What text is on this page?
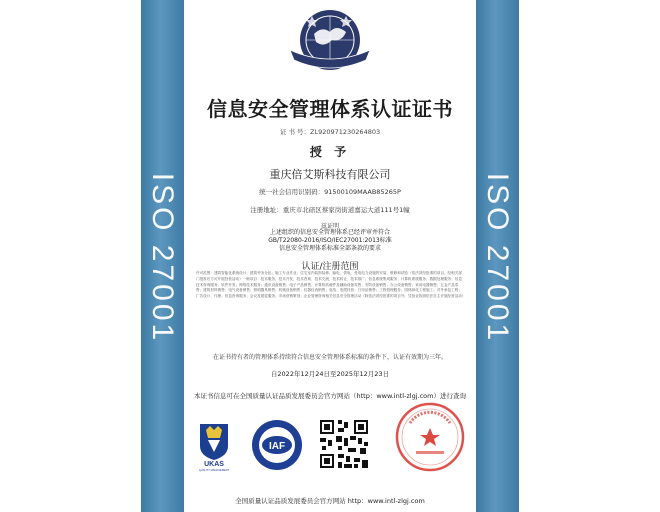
ISO 27001	ISO 27001
信息安全管理体系认证证书
证 书 号：ZL920971230264803
授 予
重庆倍艾斯科技有限公司
统一社会信用识别码：91500109MAAB85265P
注册地址：重庆市北碚区蔡家岗街道嘉运大道111号1幢
兹证明
上述组织的信息安全管理体系已经评审并符合
GB/T22080-2016/ISO/IEC27001:2013标准
信息安全管理体系标准全部条款的要求
认证/注册范围
许可范围：建筑智能化系统设计；建筑劳务分包；施工专业作业；住宅室内装饰装修；输电、供电、受电电力设施的安装、维修和试验（依法须经批准的项目，经相关部门批准后方可开展经营活动）一般项目：技术服务、技术开发、技术咨询、技术交流、技术转让、技术推广；信息系统集成服务；计算机系统服务；数据处理服务；信息技术咨询服务；软件开发；网络技术服务；通讯设备销售；电子产品销售；计算机软硬件及辅助设备零售；安防设备销售；办公设备销售；家用电器销售；五金产品零售；建筑材料销售；电气设备销售；照明器具销售；机械设备销售；仪器仪表销售；电线、电缆经营；日用品销售；工程管理服务；园林绿化工程施工；对外承包工程；广告设计、代理；信息咨询服务；会议及展览服务；市场营销策划；企业管理咨询相关信息安全管理活动（除依法须经批准的项目外，凭营业执照依法自主开展经营活动）
在证书持有者的管理体系持续符合信息安全管理体系标准的条件下，认证有效期为三年。
自2022年12月24日至2025年12月23日
本证书信息可在全国质量认证品质发展委员会官方网站（http：www.intl-zlgj.com）进行查询
UKAS
QUALITY MANAGEMENT
IAF
全国质量认证品质发展委员会官方网站 http：www.intl-zlgj.com
